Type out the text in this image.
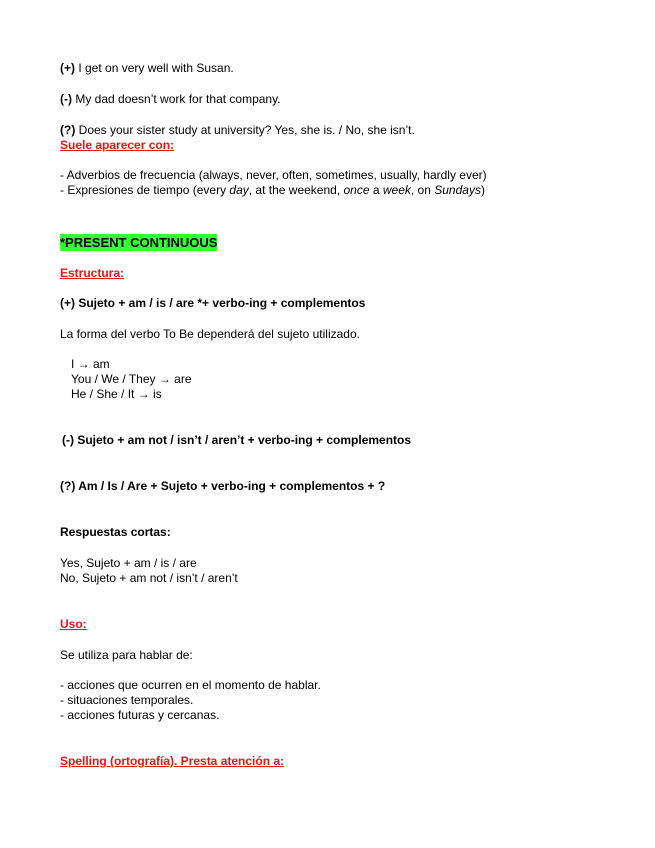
(+) I get on very well with Susan.
(-) My dad doesn’t work for that company.
(?) Does your sister study at university? Yes, she is. / No, she isn’t.
Suele aparecer con:
- Adverbios de frecuencia (always, never, often, sometimes, usually, hardly ever)
- Expresiones de tiempo (every day, at the weekend, once a week, on Sundays)
*PRESENT CONTINUOUS
Estructura:
(+) Sujeto + am / is / are *+ verbo-ing + complementos
La forma del verbo To Be dependerá del sujeto utilizado.
I → am
You / We / They → are
He / She / It → is
(-) Sujeto + am not / isn’t / aren’t + verbo-ing + complementos
(?) Am / Is / Are + Sujeto + verbo-ing + complementos + ?
Respuestas cortas:
Yes, Sujeto + am / is / are
No, Sujeto + am not / isn’t / aren’t
Uso:
Se utiliza para hablar de:
- acciones que ocurren en el momento de hablar.
- situaciones temporales.
- acciones futuras y cercanas.
Spelling (ortografía). Presta atención a:
